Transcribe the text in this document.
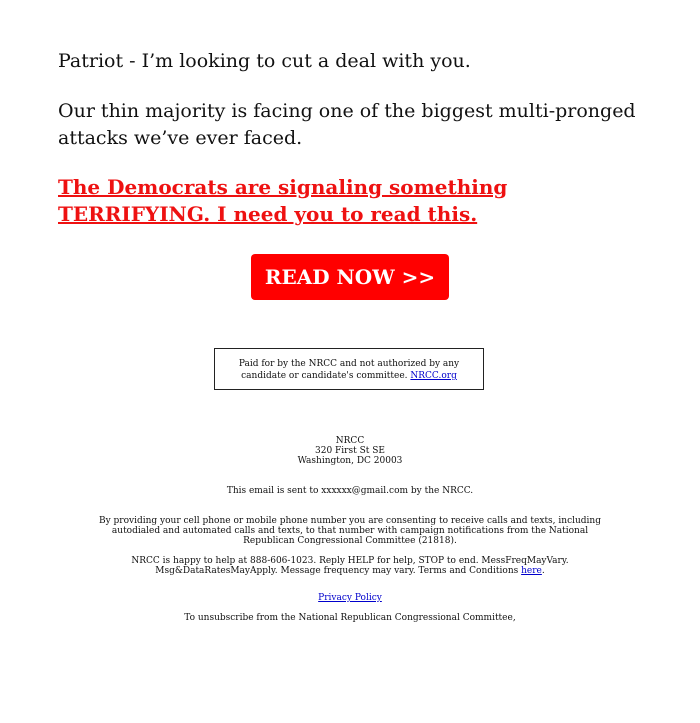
Patriot - I’m looking to cut a deal with you.

Our thin majority is facing one of the biggest multi-pronged attacks we’ve ever faced.

The Democrats are signaling something TERRIFYING. I need you to read this.

READ NOW >>
Paid for by the NRCC and not authorized by any candidate or candidate's committee. NRCC.org
NRCC
320 First St SE
Washington, DC 20003

This email is sent to xxxxxx@gmail.com by the NRCC.

By providing your cell phone or mobile phone number you are consenting to receive calls and texts, including autodialed and automated calls and texts, to that number with campaign notifications from the National Republican Congressional Committee (21818).

NRCC is happy to help at 888-606-1023. Reply HELP for help, STOP to end. MessFreqMayVary. Msg&DataRatesMayApply. Message frequency may vary. Terms and Conditions here.

Privacy Policy

To unsubscribe from the National Republican Congressional Committee,
